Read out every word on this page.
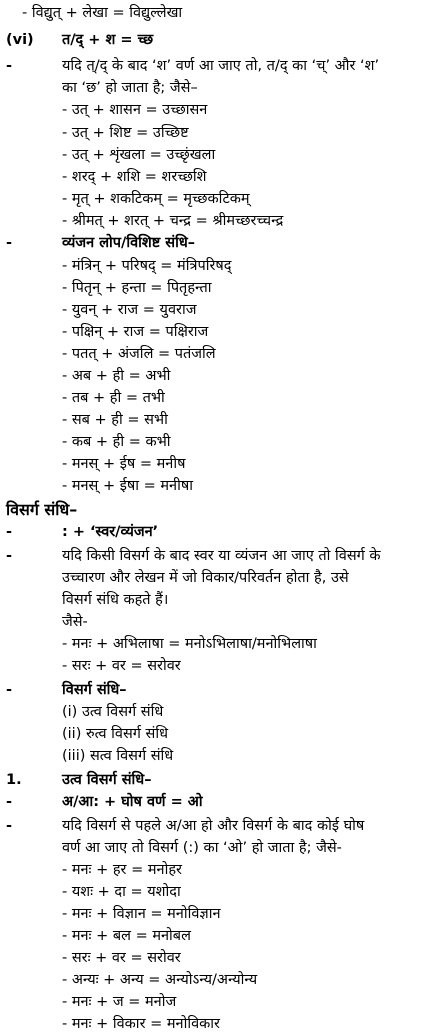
- विद्युत् + लेखा = विद्युल्लेखा
(vi) त/द् + श = च्छ
-	यदि त्/द् के बाद ‘श’ वर्ण आ जाए तो, त/द् का ‘च्’ और ‘श’
का ‘छ’ हो जाता है; जैसे–
- उत् + शासन = उच्छासन
- उत् + शिष्ट = उच्छिष्ट
- उत् + शृंखला = उच्छृंखला
- शरद् + शशि = शरच्छशि
- मृत् + शकटिकम् = मृच्छकटिकम्
- श्रीमत् + शरत् + चन्द्र = श्रीमच्छरच्चन्द्र
-	व्यंजन लोप/विशिष्ट संधि–
- मंत्रिन् + परिषद् = मंत्रिपरिषद्
- पितृन् + हन्ता = पितृहन्ता
- युवन् + राज = युवराज
- पक्षिन् + राज = पक्षिराज
- पतत् + अंजलि = पतंजलि
- अब + ही = अभी
- तब + ही = तभी
- सब + ही = सभी
- कब + ही = कभी
- मनस् + ईष = मनीष
- मनस् + ईषा = मनीषा
विसर्ग संधि–
-	: + ‘स्वर/व्यंजन’
-	यदि किसी विसर्ग के बाद स्वर या व्यंजन आ जाए तो विसर्ग के
उच्चारण और लेखन में जो विकार/परिवर्तन होता है, उसे
विसर्ग संधि कहते हैं।
जैसे-
- मनः + अभिलाषा = मनोऽभिलाषा/मनोभिलाषा
- सरः + वर = सरोवर
-	विसर्ग संधि–
(i) उत्व विसर्ग संधि
(ii) रुत्व विसर्ग संधि
(iii) सत्व विसर्ग संधि
1.	उत्व विसर्ग संधि–
-	अ/आ: + घोष वर्ण = ओ
-	यदि विसर्ग से पहले अ/आ हो और विसर्ग के बाद कोई घोष
वर्ण आ जाए तो विसर्ग (:) का ‘ओ’ हो जाता है; जैसे-
- मनः + हर = मनोहर
- यशः + दा = यशोदा
- मनः + विज्ञान = मनोविज्ञान
- मनः + बल = मनोबल
- सरः + वर = सरोवर
- अन्यः + अन्य = अन्योऽन्य/अन्योन्य
- मनः + ज = मनोज
- मनः + विकार = मनोविकार
